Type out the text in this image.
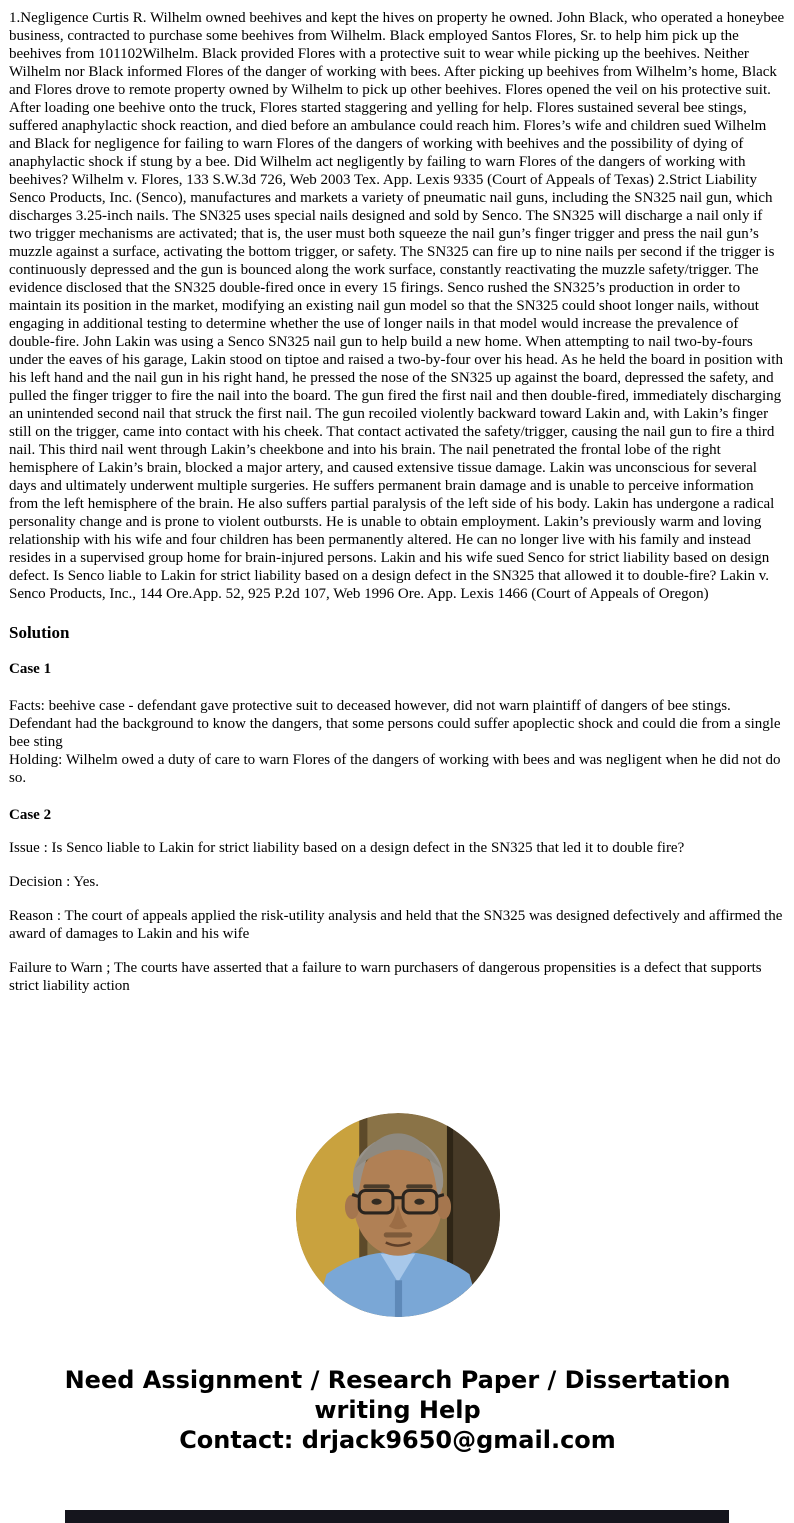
1.Negligence Curtis R. Wilhelm owned beehives and kept the hives on property he owned. John Black, who operated a honeybee business, contracted to purchase some beehives from Wilhelm. Black employed Santos Flores, Sr. to help him pick up the beehives from 101102Wilhelm. Black provided Flores with a protective suit to wear while picking up the beehives. Neither Wilhelm nor Black informed Flores of the danger of working with bees. After picking up beehives from Wilhelm’s home, Black and Flores drove to remote property owned by Wilhelm to pick up other beehives. Flores opened the veil on his protective suit. After loading one beehive onto the truck, Flores started staggering and yelling for help. Flores sustained several bee stings, suffered anaphylactic shock reaction, and died before an ambulance could reach him. Flores’s wife and children sued Wilhelm and Black for negligence for failing to warn Flores of the dangers of working with beehives and the possibility of dying of anaphylactic shock if stung by a bee. Did Wilhelm act negligently by failing to warn Flores of the dangers of working with beehives? Wilhelm v. Flores, 133 S.W.3d 726, Web 2003 Tex. App. Lexis 9335 (Court of Appeals of Texas) 2.Strict Liability Senco Products, Inc. (Senco), manufactures and markets a variety of pneumatic nail guns, including the SN325 nail gun, which discharges 3.25-inch nails. The SN325 uses special nails designed and sold by Senco. The SN325 will discharge a nail only if two trigger mechanisms are activated; that is, the user must both squeeze the nail gun’s finger trigger and press the nail gun’s muzzle against a surface, activating the bottom trigger, or safety. The SN325 can fire up to nine nails per second if the trigger is continuously depressed and the gun is bounced along the work surface, constantly reactivating the muzzle safety/trigger. The evidence disclosed that the SN325 double-fired once in every 15 firings. Senco rushed the SN325’s production in order to maintain its position in the market, modifying an existing nail gun model so that the SN325 could shoot longer nails, without engaging in additional testing to determine whether the use of longer nails in that model would increase the prevalence of double-fire. John Lakin was using a Senco SN325 nail gun to help build a new home. When attempting to nail two-by-fours under the eaves of his garage, Lakin stood on tiptoe and raised a two-by-four over his head. As he held the board in position with his left hand and the nail gun in his right hand, he pressed the nose of the SN325 up against the board, depressed the safety, and pulled the finger trigger to fire the nail into the board. The gun fired the first nail and then double-fired, immediately discharging an unintended second nail that struck the first nail. The gun recoiled violently backward toward Lakin and, with Lakin’s finger still on the trigger, came into contact with his cheek. That contact activated the safety/trigger, causing the nail gun to fire a third nail. This third nail went through Lakin’s cheekbone and into his brain. The nail penetrated the frontal lobe of the right hemisphere of Lakin’s brain, blocked a major artery, and caused extensive tissue damage. Lakin was unconscious for several days and ultimately underwent multiple surgeries. He suffers permanent brain damage and is unable to perceive information from the left hemisphere of the brain. He also suffers partial paralysis of the left side of his body. Lakin has undergone a radical personality change and is prone to violent outbursts. He is unable to obtain employment. Lakin’s previously warm and loving relationship with his wife and four children has been permanently altered. He can no longer live with his family and instead resides in a supervised group home for brain-injured persons. Lakin and his wife sued Senco for strict liability based on design defect. Is Senco liable to Lakin for strict liability based on a design defect in the SN325 that allowed it to double-fire? Lakin v. Senco Products, Inc., 144 Ore.App. 52, 925 P.2d 107, Web 1996 Ore. App. Lexis 1466 (Court of Appeals of Oregon)
Solution
Case 1
Facts: beehive case - defendant gave protective suit to deceased however, did not warn plaintiff of dangers of bee stings. Defendant had the background to know the dangers, that some persons could suffer apoplectic shock and could die from a single bee sting
Holding: Wilhelm owed a duty of care to warn Flores of the dangers of working with bees and was negligent when he did not do so.
Case 2
Issue : Is Senco liable to Lakin for strict liability based on a design defect in the SN325 that led it to double fire?
Decision : Yes.
Reason : The court of appeals applied the risk-utility analysis and held that the SN325 was designed defectively and affirmed the award of damages to Lakin and his wife
Failure to Warn ; The courts have asserted that a failure to warn purchasers of dangerous propensities is a defect that supports strict liability action
Need Assignment / Research Paper / Dissertation writing Help
Contact: drjack9650@gmail.com
